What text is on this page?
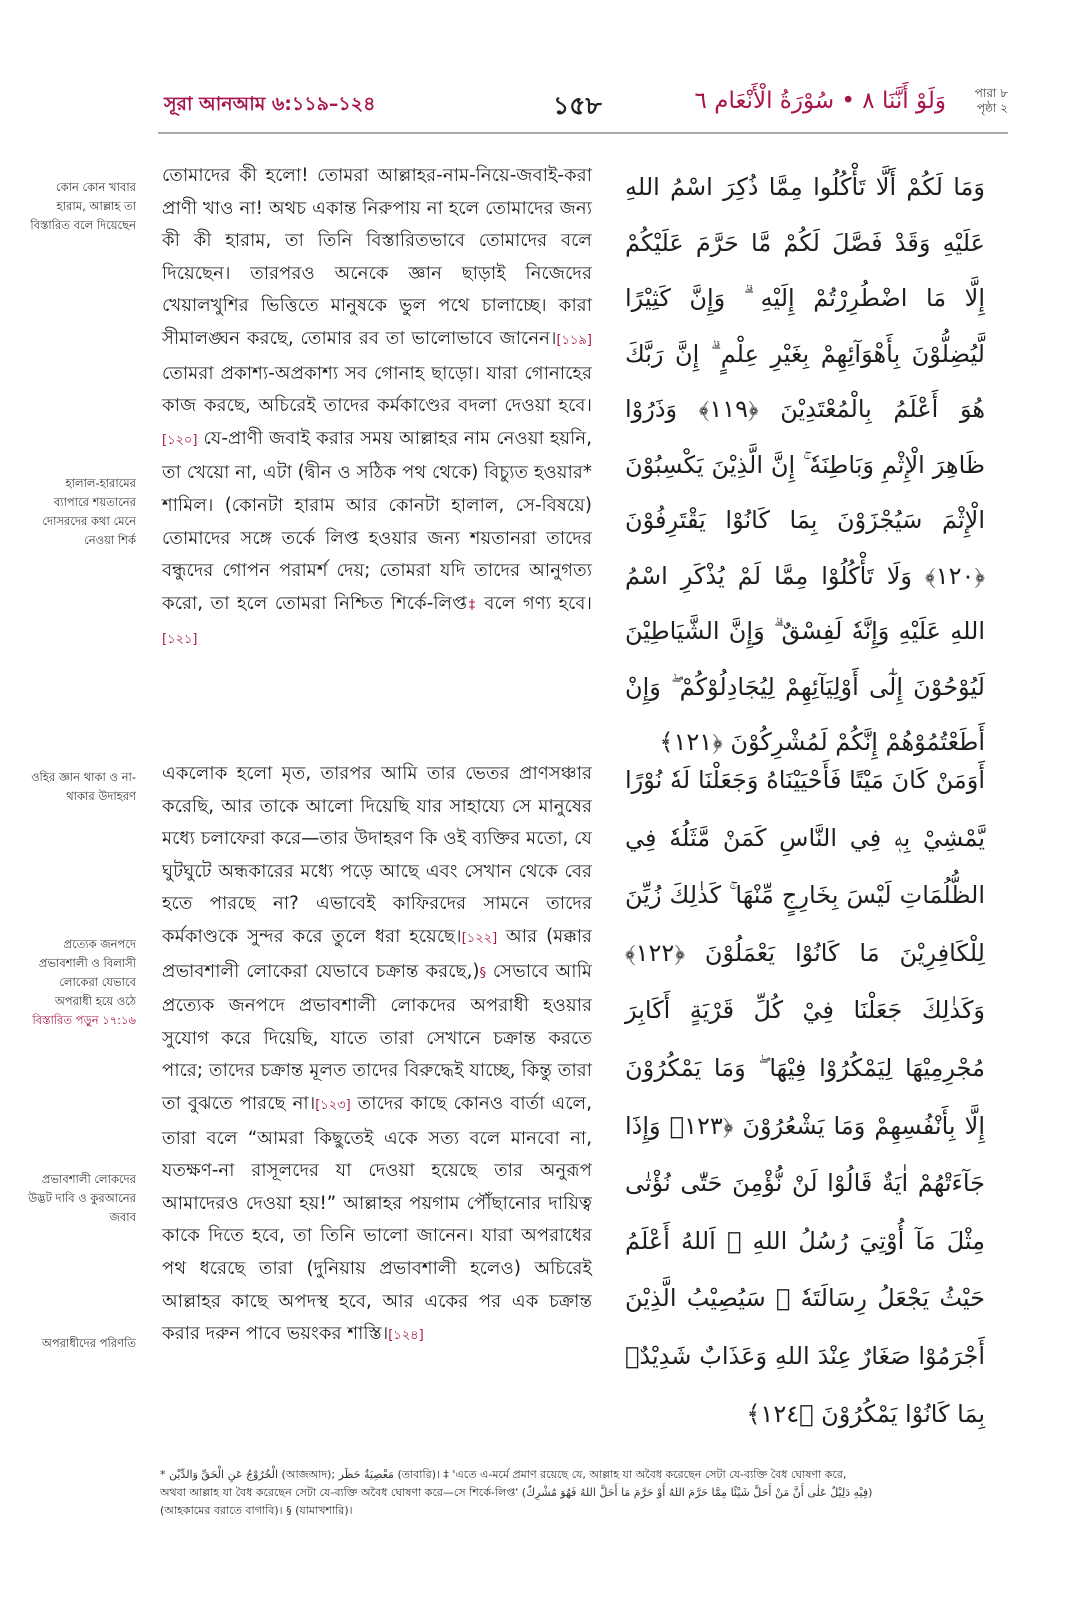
সূরা আনআম ৬:১১৯–১২৪	১৫৮	وَلَوْ أَنَّنَا ٨ • سُوْرَةُ الْأَنْعَام ٦	পারা ৮
পৃষ্ঠা ২
কোন কোন খাবার হারাম, আল্লাহ তা বিস্তারিত বলে দিয়েছেন
হালাল-হারামের ব্যাপারে শয়তানের দোসরদের কথা মেনে নেওয়া শির্ক
ওহির জ্ঞান থাকা ও না-থাকার উদাহরণ
প্রত্যেক জনপদে প্রভাবশালী ও বিলাসী লোকেরা যেভাবে অপরাধী হয়ে ওঠে বিস্তারিত পড়ুন ১৭:১৬
প্রভাবশালী লোকদের উদ্ভট দাবি ও কুরআনের জবাব
অপরাধীদের পরিণতি

তোমাদের কী হলো! তোমরা আল্লাহর-নাম-নিয়ে-জবাই-করা প্রাণী খাও না! অথচ একান্ত নিরুপায় না হলে তোমাদের জন্য কী কী হারাম, তা তিনি বিস্তারিতভাবে তোমাদের বলে দিয়েছেন। তারপরও অনেকে জ্ঞান ছাড়াই নিজেদের খেয়ালখুশির ভিত্তিতে মানুষকে ভুল পথে চালাচ্ছে। কারা সীমালঙ্ঘন করছে, তোমার রব তা ভালোভাবে জানেন।[১১৯] তোমরা প্রকাশ্য-অপ্রকাশ্য সব গোনাহ ছাড়ো। যারা গোনাহের কাজ করছে, অচিরেই তাদের কর্মকাণ্ডের বদলা দেওয়া হবে।[১২০] যে-প্রাণী জবাই করার সময় আল্লাহর নাম নেওয়া হয়নি, তা খেয়ো না, এটা (দ্বীন ও সঠিক পথ থেকে) বিচ্যুত হওয়ার* শামিল। (কোনটা হারাম আর কোনটা হালাল, সে-বিষয়ে) তোমাদের সঙ্গে তর্কে লিপ্ত হওয়ার জন্য শয়তানরা তাদের বন্ধুদের গোপন পরামর্শ দেয়; তোমরা যদি তাদের আনুগত্য করো, তা হলে তোমরা নিশ্চিত শির্কে-লিপ্ত‡ বলে গণ্য হবে।[১২১]

একলোক হলো মৃত, তারপর আমি তার ভেতর প্রাণসঞ্চার করেছি, আর তাকে আলো দিয়েছি যার সাহায্যে সে মানুষের মধ্যে চলাফেরা করে—তার উদাহরণ কি ওই ব্যক্তির মতো, যে ঘুটঘুটে অন্ধকারের মধ্যে পড়ে আছে এবং সেখান থেকে বের হতে পারছে না? এভাবেই কাফিরদের সামনে তাদের কর্মকাণ্ডকে সুন্দর করে তুলে ধরা হয়েছে।[১২২] আর (মক্কার প্রভাবশালী লোকেরা যেভাবে চক্রান্ত করছে,)§ সেভাবে আমি প্রত্যেক জনপদে প্রভাবশালী লোকদের অপরাধী হওয়ার সুযোগ করে দিয়েছি, যাতে তারা সেখানে চক্রান্ত করতে পারে; তাদের চক্রান্ত মূলত তাদের বিরুদ্ধেই যাচ্ছে, কিন্তু তারা তা বুঝতে পারছে না।[১২৩] তাদের কাছে কোনও বার্তা এলে, তারা বলে “আমরা কিছুতেই একে সত্য বলে মানবো না, যতক্ষণ-না রাসূলদের যা দেওয়া হয়েছে তার অনুরূপ আমাদেরও দেওয়া হয়!” আল্লাহর পয়গাম পৌঁছানোর দায়িত্ব কাকে দিতে হবে, তা তিনি ভালো জানেন। যারা অপরাধের পথ ধরেছে তারা (দুনিয়ায় প্রভাবশালী হলেও) অচিরেই আল্লাহর কাছে অপদস্থ হবে, আর একের পর এক চক্রান্ত করার দরুন পাবে ভয়ংকর শাস্তি।[১২৪]

وَمَا لَكُمْ أَلَّا تَأْكُلُوا مِمَّا ذُكِرَ اسْمُ اللهِ عَلَيْهِ وَقَدْ فَصَّلَ لَكُمْ مَّا حَرَّمَ عَلَيْكُمْ إِلَّا مَا اضْطُرِرْتُمْ إِلَيْهِ ۗ وَإِنَّ كَثِيْرًا لَّيُضِلُّوْنَ بِأَهْوَآئِهِمْ بِغَيْرِ عِلْمٍ ۗ إِنَّ رَبَّكَ هُوَ أَعْلَمُ بِالْمُعْتَدِيْنَ ﴿١١٩﴾ وَذَرُوْا ظَاهِرَ الْإِثْمِ وَبَاطِنَهٗ ۚ إِنَّ الَّذِيْنَ يَكْسِبُوْنَ الْإِثْمَ سَيُجْزَوْنَ بِمَا كَانُوْا يَقْتَرِفُوْنَ ﴿١٢٠﴾ وَلَا تَأْكُلُوْا مِمَّا لَمْ يُذْكَرِ اسْمُ اللهِ عَلَيْهِ وَإِنَّهٗ لَفِسْقٌ ۗ وَإِنَّ الشَّيَاطِيْنَ لَيُوْحُوْنَ إِلٰٓى أَوْلِيَآئِهِمْ لِيُجَادِلُوْكُمْ ۖ وَإِنْ أَطَعْتُمُوْهُمْ إِنَّكُمْ لَمُشْرِكُوْنَ ﴿١٢١﴾

أَوَمَنْ كَانَ مَيْتًا فَأَحْيَيْنَاهُ وَجَعَلْنَا لَهٗ نُوْرًا يَّمْشِيْ بِهٖ فِي النَّاسِ كَمَنْ مَّثَلُهٗ فِي الظُّلُمَاتِ لَيْسَ بِخَارِجٍ مِّنْهَا ۚ كَذٰلِكَ زُيِّنَ لِلْكَافِرِيْنَ مَا كَانُوْا يَعْمَلُوْنَ ﴿١٢٢﴾ وَكَذٰلِكَ جَعَلْنَا فِيْ كُلِّ قَرْيَةٍ أَكَابِرَ مُجْرِمِيْهَا لِيَمْكُرُوْا فِيْهَا ۖ وَمَا يَمْكُرُوْنَ إِلَّا بِأَنْفُسِهِمْ وَمَا يَشْعُرُوْنَ ﴿١٢٣﴾ وَإِذَا جَآءَتْهُمْ اٰيَةٌ قَالُوْا لَنْ نُّؤْمِنَ حَتّٰى نُؤْتٰى مِثْلَ مَآ أُوْتِيَ رُسُلُ اللهِ ۘ اَللهُ أَعْلَمُ حَيْثُ يَجْعَلُ رِسَالَتَهٗ ۗ سَيُصِيْبُ الَّذِيْنَ أَجْرَمُوْا صَغَارٌ عِنْدَ اللهِ وَعَذَابٌ شَدِيْدٌۢ بِمَا كَانُوْا يَمْكُرُوْنَ ﴿١٢٤﴾

* الْخُرُوْجُ عَنِ الْحَقِّ وَالدِّيْن (আজআদ); مَعْصِيَةٌ حَظَر (তাবারি)। ‡ 'এতে এ-মর্মে প্রমাণ রয়েছে যে, আল্লাহ যা অবৈধ করেছেন সেটা যে-ব্যক্তি বৈধ ঘোষণা করে,
অথবা আল্লাহ যা বৈধ করেছেন সেটা যে-ব্যক্তি অবৈধ ঘোষণা করে—সে শির্কে-লিপ্ত' (فِيْهِ دَلِيْلٌ عَلٰى أَنَّ مَنْ أَحَلَّ شَيْئًا مِمَّا حَرَّمَ اللهُ أَوْ حَرَّمَ مَا أَحَلَّ اللهُ فَهُوَ مُشْرِكٌ)
(আহকামের বরাতে বাগাবি)। § (যামাখশারি)।
